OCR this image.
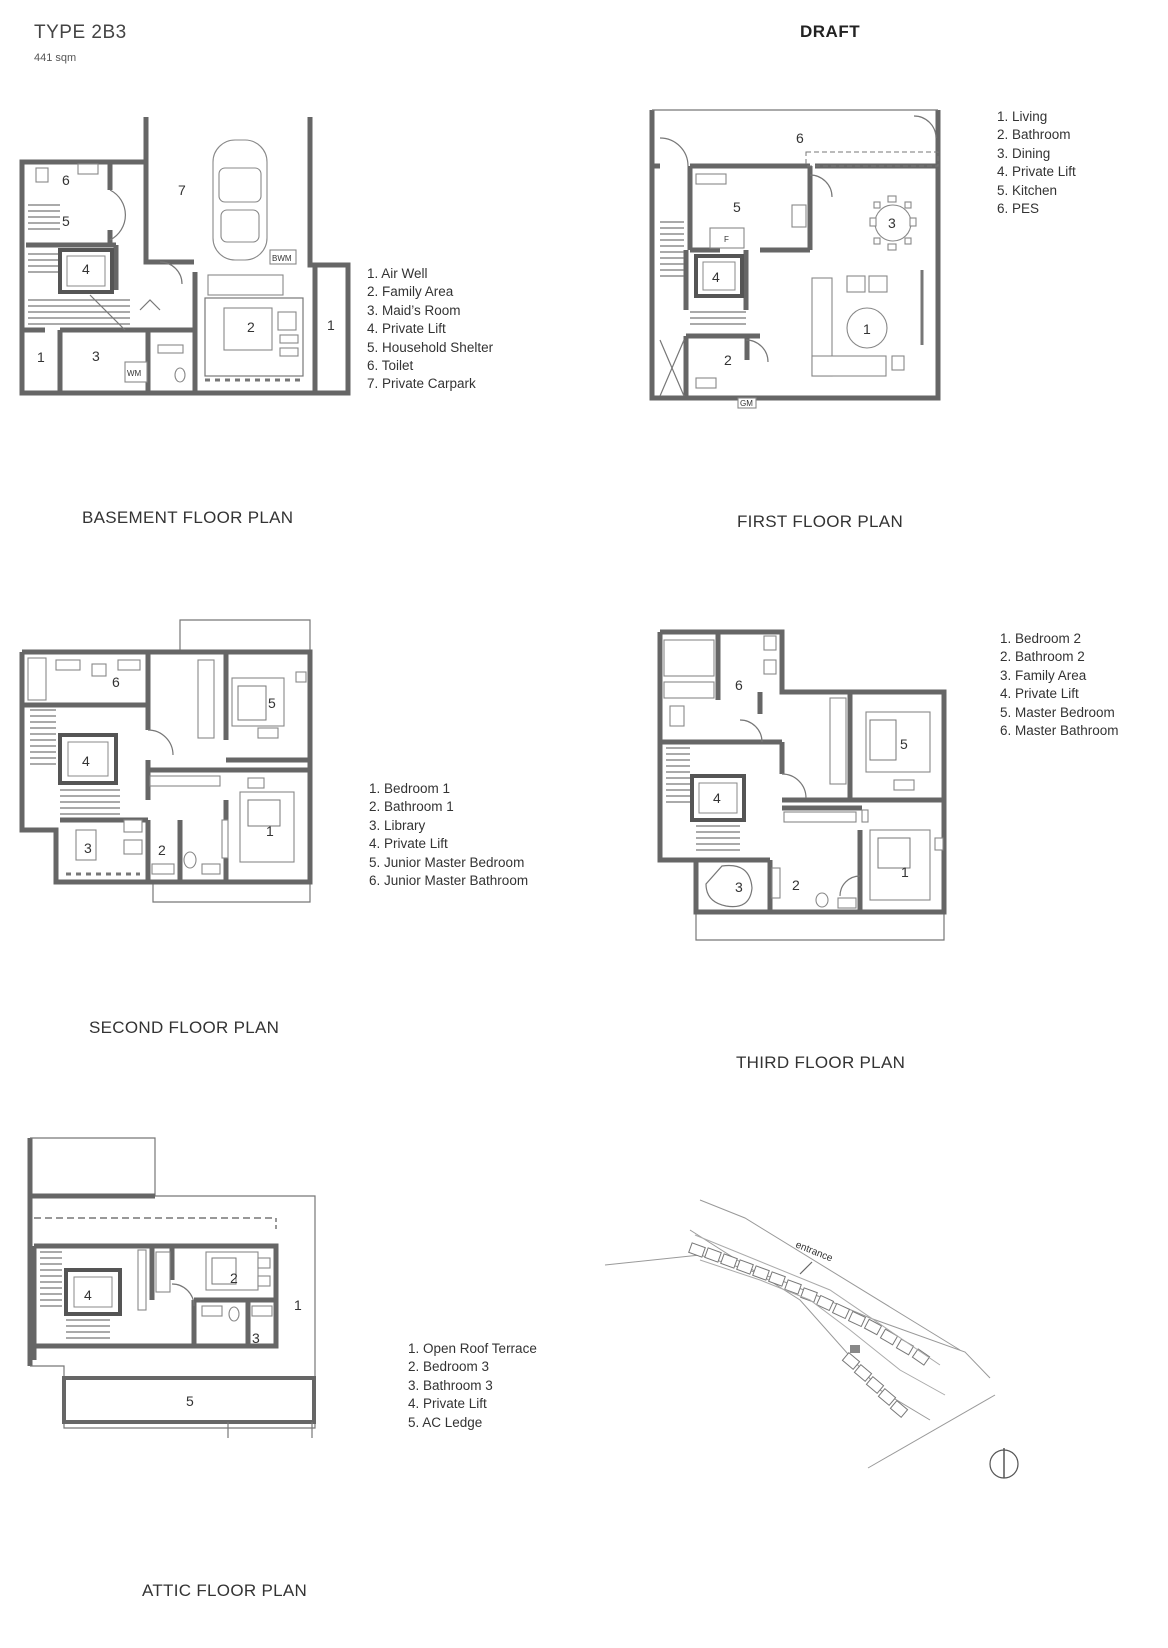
TYPE 2B3
441 sqm
DRAFT
BWM
WM
6
5
7
4
2	1
1	3
1. Air Well
2. Family Area
3. Maid’s Room
4. Private Lift
5. Household Shelter
6. Toilet
7. Private Carpark
BASEMENT FLOOR PLAN
F
GM
6
5
3
4
1
2
1. Living
2. Bathroom
3. Dining
4. Private Lift
5. Kitchen
6. PES
FIRST FLOOR PLAN
6
5
4
1
3	2
1. Bedroom 1
2. Bathroom 1
3. Library
4. Private Lift
5. Junior Master Bedroom
6. Junior Master Bathroom
SECOND FLOOR PLAN
6
5
4
1
3	2
1. Bedroom 2
2. Bathroom 2
3. Family Area
4. Private Lift
5. Master Bedroom
6. Master Bathroom
THIRD FLOOR PLAN
2
1
4
3
5
1. Open Roof Terrace
2. Bedroom 3
3. Bathroom 3
4. Private Lift
5. AC Ledge
ATTIC FLOOR PLAN
entrance
